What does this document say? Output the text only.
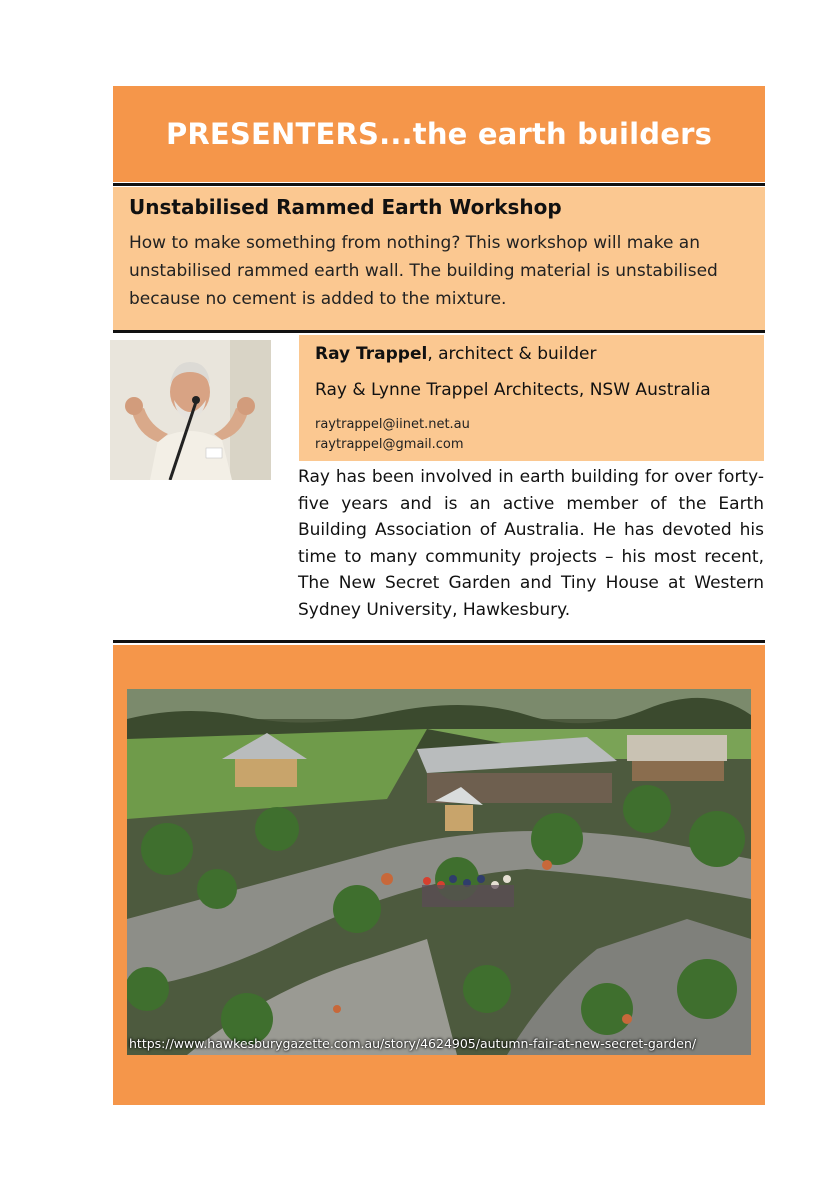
PRESENTERS...the earth builders
Unstabilised Rammed Earth Workshop

How to make something from nothing? This workshop will make an unstabilised rammed earth wall. The building material is unstabilised because no cement is added to the mixture.

Ray Trappel, architect & builder

Ray & Lynne Trappel Architects, NSW Australia

raytrappel@iinet.net.au

raytrappel@gmail.com

Ray has been involved in earth building for over forty-five years and is an active member of the Earth Building Association of Australia. He has devoted his time to many community projects – his most recent, The New Secret Garden and Tiny House at Western Sydney University, Hawkesbury.

https://www.hawkesburygazette.com.au/story/4624905/autumn-fair-at-new-secret-garden/
